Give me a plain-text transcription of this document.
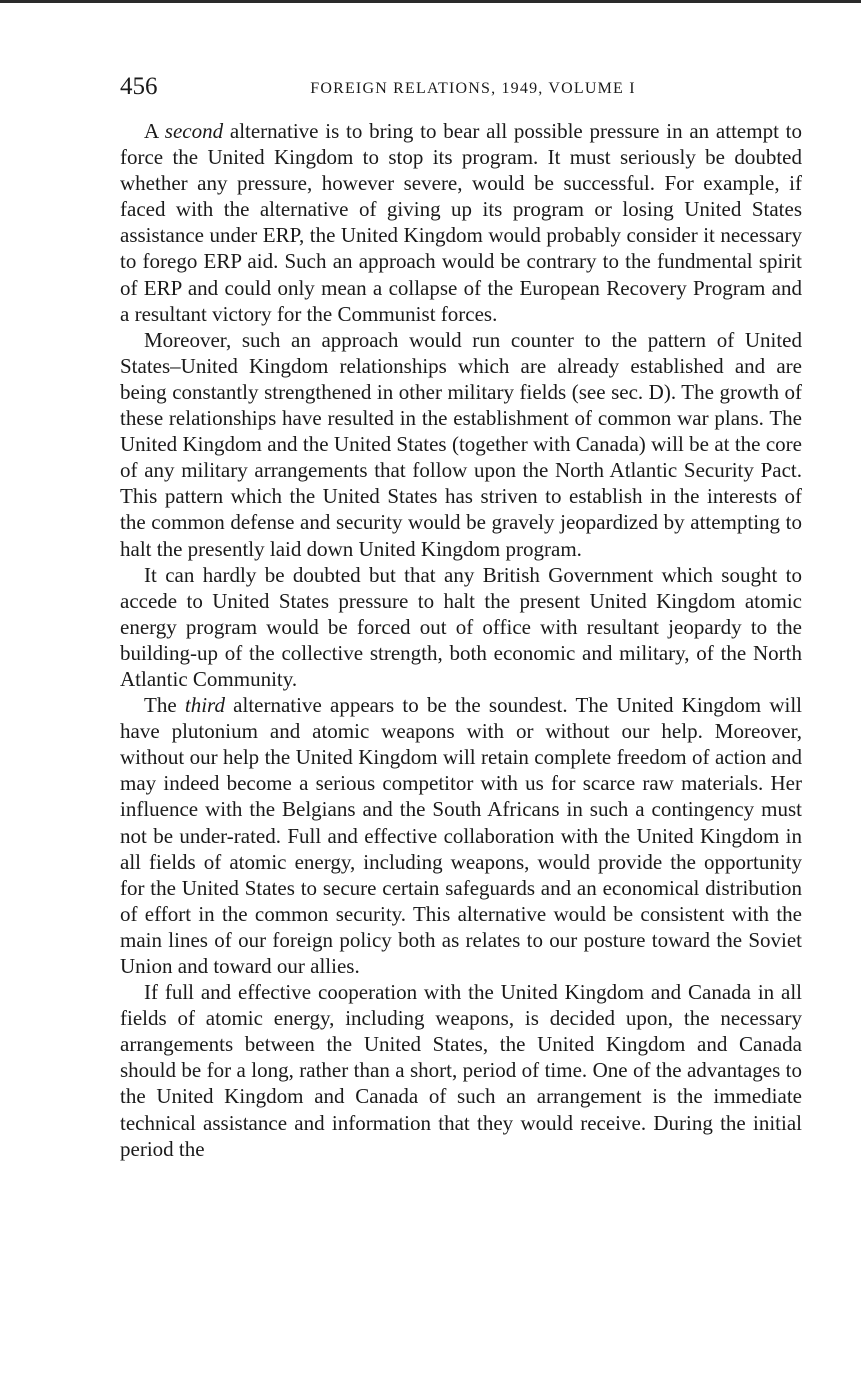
456	FOREIGN RELATIONS, 1949, VOLUME I

A second alternative is to bring to bear all possible pressure in an attempt to force the United Kingdom to stop its program. It must seriously be doubted whether any pressure, however severe, would be successful. For example, if faced with the alternative of giving up its program or losing United States assistance under ERP, the United Kingdom would probably consider it necessary to forego ERP aid. Such an approach would be contrary to the fundmental spirit of ERP and could only mean a collapse of the European Recovery Program and a resultant victory for the Communist forces.

Moreover, such an approach would run counter to the pattern of United States–United Kingdom relationships which are already established and are being constantly strengthened in other military fields (see sec. D). The growth of these relationships have resulted in the establishment of common war plans. The United Kingdom and the United States (together with Canada) will be at the core of any military arrangements that follow upon the North Atlantic Security Pact. This pattern which the United States has striven to establish in the interests of the common defense and security would be gravely jeopardized by attempting to halt the presently laid down United Kingdom program.

It can hardly be doubted but that any British Government which sought to accede to United States pressure to halt the present United Kingdom atomic energy program would be forced out of office with resultant jeopardy to the building-up of the collective strength, both economic and military, of the North Atlantic Community.

The third alternative appears to be the soundest. The United Kingdom will have plutonium and atomic weapons with or without our help. Moreover, without our help the United Kingdom will retain complete freedom of action and may indeed become a serious competitor with us for scarce raw materials. Her influence with the Belgians and the South Africans in such a contingency must not be under-rated. Full and effective collaboration with the United Kingdom in all fields of atomic energy, including weapons, would provide the opportunity for the United States to secure certain safeguards and an economical distribution of effort in the common security. This alternative would be consistent with the main lines of our foreign policy both as relates to our posture toward the Soviet Union and toward our allies.

If full and effective cooperation with the United Kingdom and Canada in all fields of atomic energy, including weapons, is decided upon, the necessary arrangements between the United States, the United Kingdom and Canada should be for a long, rather than a short, period of time. One of the advantages to the United Kingdom and Canada of such an arrangement is the immediate technical assistance and information that they would receive. During the initial period the
